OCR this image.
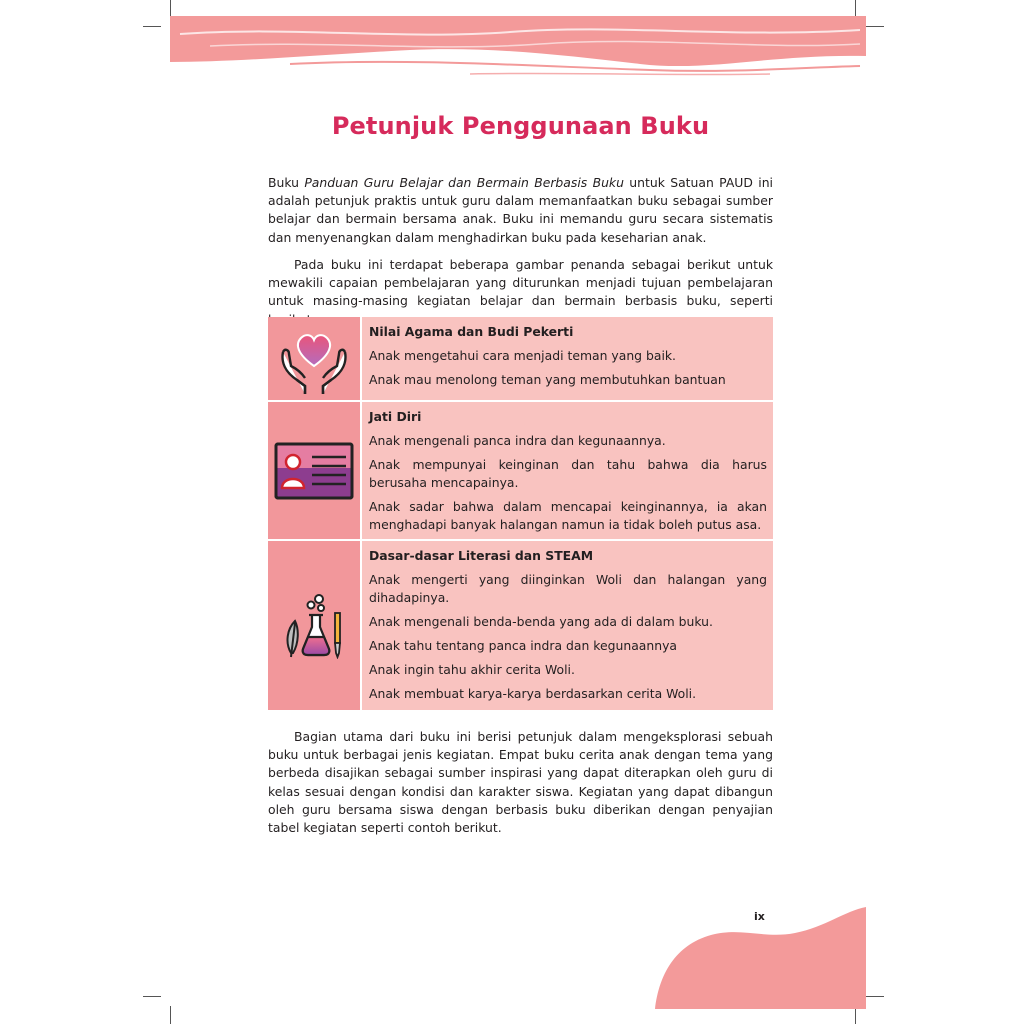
Petunjuk Penggunaan Buku

Buku Panduan Guru Belajar dan Bermain Berbasis Buku untuk Satuan PAUD ini adalah petunjuk praktis untuk guru dalam memanfaatkan buku sebagai sumber belajar dan bermain bersama anak. Buku ini memandu guru secara sistematis dan menyenangkan dalam menghadirkan buku pada keseharian anak.

Pada buku ini terdapat beberapa gambar penanda sebagai berikut untuk mewakili capaian pembelajaran yang diturunkan menjadi tujuan pembelajaran untuk masing-masing kegiatan belajar dan bermain berbasis buku, seperti

Nilai Agama dan Budi Pekerti
Anak mengetahui cara menjadi teman yang baik.
Anak mau menolong teman yang membutuhkan bantuan
Jati Diri
Anak mengenali panca indra dan kegunaannya.
Anak mempunyai keinginan dan tahu bahwa dia harus berusaha mencapainya.
Anak sadar bahwa dalam mencapai keinginannya, ia akan menghadapi banyak halangan namun ia tidak boleh putus asa.
Dasar-dasar Literasi dan STEAM
Anak mengerti yang diinginkan Woli dan halangan yang dihadapinya.
Anak mengenali benda-benda yang ada di dalam buku.
Anak tahu tentang panca indra dan kegunaannya
Anak ingin tahu akhir cerita Woli.
Anak membuat karya-karya berdasarkan cerita Woli.

Bagian utama dari buku ini berisi petunjuk dalam mengeksplorasi sebuah buku untuk berbagai jenis kegiatan. Empat buku cerita anak dengan tema yang berbeda disajikan sebagai sumber inspirasi yang dapat diterapkan oleh guru di kelas sesuai dengan kondisi dan karakter siswa. Kegiatan yang dapat dibangun oleh guru bersama siswa dengan berbasis buku diberikan dengan penyajian tabel kegiatan seperti contoh berikut.

ix
